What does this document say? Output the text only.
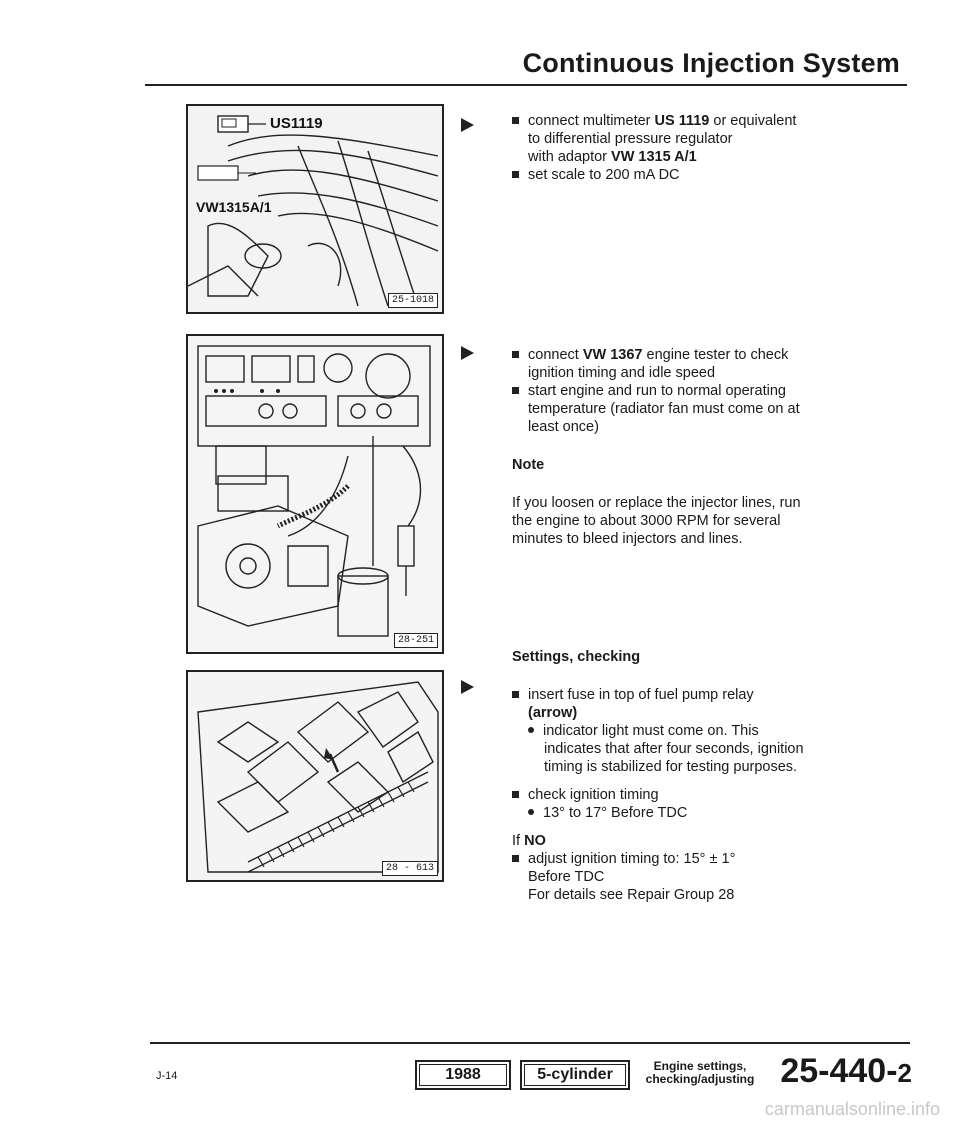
Continuous Injection System
US1119
VW1315A/1
25-1018
28-251
28 - 613

connect multimeter US 1119 or equivalent

to differential pressure regulator

with adaptor VW 1315 A/1

set scale to 200 mA DC

connect VW 1367 engine tester to check

ignition timing and idle speed

start engine and run to normal operating

temperature (radiator fan must come on at

least once)

Note

If you loosen or replace the injector lines, run

the engine to about 3000 RPM for several

minutes to bleed injectors and lines.

Settings, checking

insert fuse in top of fuel pump relay

(arrow)

indicator light must come on. This

indicates that after four seconds, ignition

timing is stabilized for testing purposes.

check ignition timing

13° to 17° Before TDC

If NO

adjust ignition timing to: 15° ± 1°

Before TDC

For details see Repair Group 28

J-14	1988	5-cylinder	Engine settings,
checking/adjusting 25-440-2
carmanualsonline.info
